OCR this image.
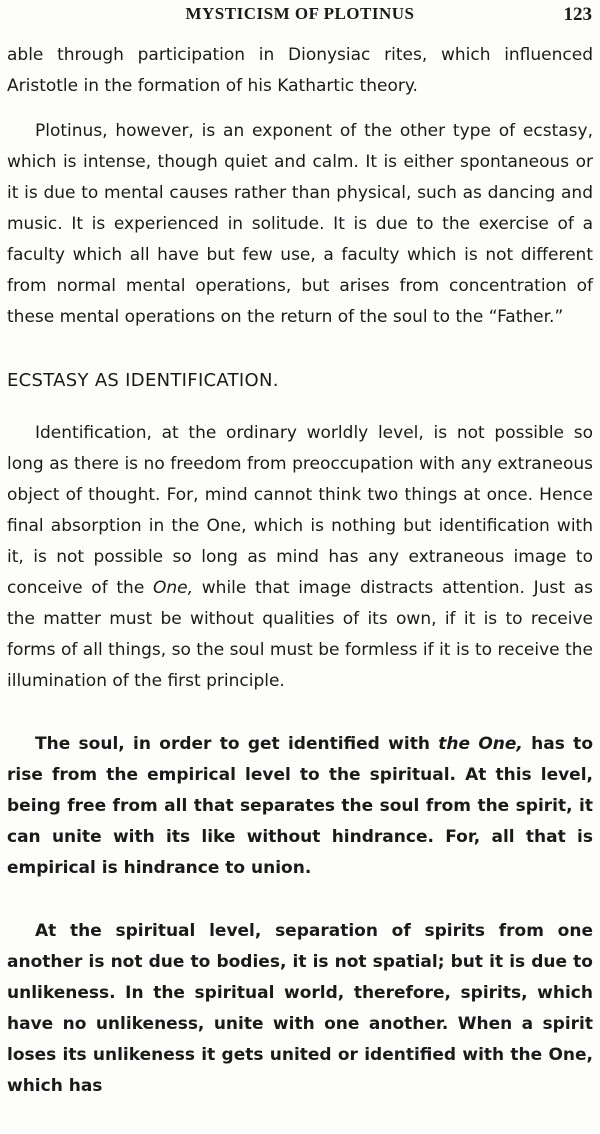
MYSTICISM OF PLOTINUS	123

able through participation in Dionysiac rites, which influenced Aristotle in the formation of his Kathartic theory.

Plotinus, however, is an exponent of the other type of ecstasy, which is intense, though quiet and calm. It is either spontaneous or it is due to mental causes rather than physical, such as dancing and music. It is experienced in solitude. It is due to the exercise of a faculty which all have but few use, a faculty which is not different from normal mental operations, but arises from concentration of these mental operations on the return of the soul to the “Father.”

ECSTASY AS IDENTIFICATION.

Identification, at the ordinary worldly level, is not possible so long as there is no freedom from preoccupation with any extraneous object of thought. For, mind cannot think two things at once. Hence final absorption in the One, which is nothing but identification with it, is not possible so long as mind has any extraneous image to conceive of the One, while that image distracts attention. Just as the matter must be without qualities of its own, if it is to receive forms of all things, so the soul must be formless if it is to receive the illumination of the first principle.

The soul, in order to get identified with the One, has to rise from the empirical level to the spiritual. At this level, being free from all that separates the soul from the spirit, it can unite with its like without hindrance. For, all that is empirical is hindrance to union.

At the spiritual level, separation of spirits from one another is not due to bodies, it is not spatial; but it is due to unlikeness. In the spiritual world, therefore, spirits, which have no unlikeness, unite with one another. When a spirit loses its unlikeness it gets united or identified with the One, which has
